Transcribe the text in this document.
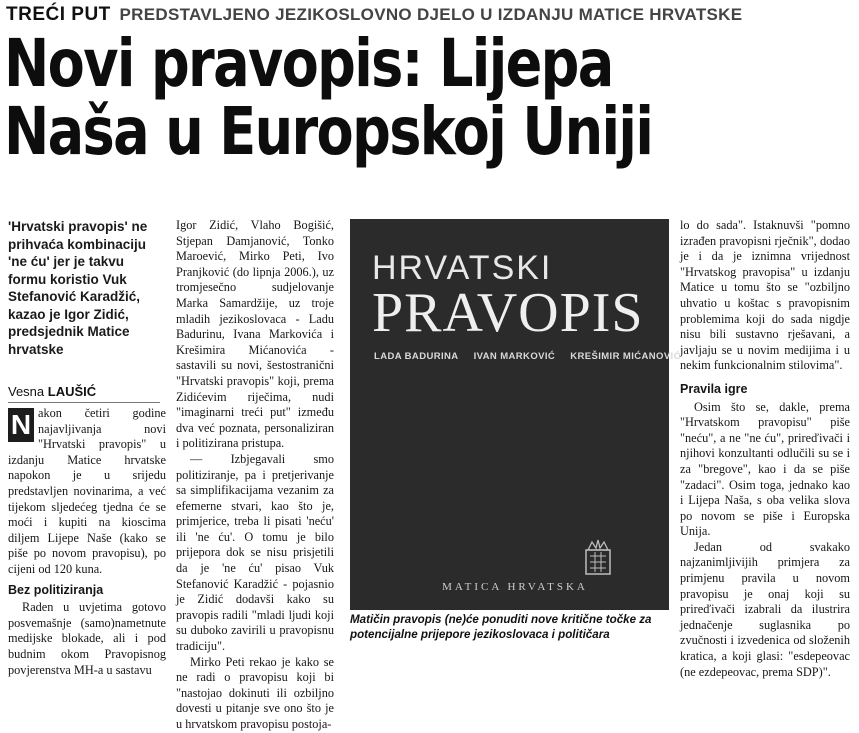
TREĆI PUT PREDSTAVLJENO JEZIKOSLOVNO DJELO U IZDANJU MATICE HRVATSKE
Novi pravopis: Lijepa
Naša u Europskoj Uniji
'Hrvatski pravopis' ne prihvaća kombinaciju 'ne ću' jer je takvu formu koristio Vuk Stefanović Karadžić, kazao je Igor Zidić, predsjednik Matice hrvatske
Vesna LAUŠIĆ

N akon četiri godine najavljivanja novi "Hrvatski pravopis" u izdanju Matice hrvatske napokon je u srijedu predstavljen novinarima, a već tijekom sljedećeg tjedna će se moći i kupiti na kioscima diljem Lijepe Naše (kako se piše po novom pravopisu), po cijeni od 120 kuna.

Bez politiziranja

Raden u uvjetima gotovo posvemašnje (samo)nametnute medijske blokade, ali i pod budnim okom Pravopisnog povjerenstva MH-a u sastavu

Igor Zidić, Vlaho Bogišić, Stjepan Damjanović, Tonko Maroević, Mirko Peti, Ivo Pranjković (do lipnja 2006.), uz tromjesečno sudjelovanje Marka Samardžije, uz troje mladih jezikoslovaca - Ladu Badurinu, Ivana Markovića i Krešimira Mićanovića - sastavili su novi, šestostranični "Hrvatski pravopis" koji, prema Zidićevim riječima, nudi "imaginarni treći put" između dva već poznata, personaliziran i politizirana pristupa.

— Izbjegavali smo politiziranje, pa i pretjerivanje sa simplifikacijama vezanim za efemerne stvari, kao što je, primjerice, treba li pisati 'neću' ili 'ne ću'. O tomu je bilo prijepora dok se nisu prisjetili da je 'ne ću' pisao Vuk Stefanović Karadžić - pojasnio je Zidić dodavši kako su pravopis radili "mladi ljudi koji su duboko zavirili u pravopisnu tradiciju".

Mirko Peti rekao je kako se ne radi o pravopisu koji bi "nastojao dokinuti ili ozbiljno dovesti u pitanje sve ono što je u hrvatskom pravopisu postoja-

HRVATSKI
PRAVOPIS
LADA BADURINA IVAN MARKOVIĆ KREŠIMIR MIĆANOVIĆ
MATICA HRVATSKA
Matičin pravopis (ne)će ponuditi nove kritične točke za potencijalne prijepore jezikoslovaca i političara

lo do sada". Istaknuvši "pomno izrađen pravopisni rječnik", dodao je i da je iznimna vrijednost "Hrvatskog pravopisa" u izdanju Matice u tomu što se "ozbiljno uhvatio u koštac s pravopisnim problemima koji do sada nigdje nisu bili sustavno rješavani, a javljaju se u novim medijima i u nekim funkcionalnim stilovima".

Pravila igre

Osim što se, dakle, prema "Hrvatskom pravopisu" piše "neću", a ne "ne ću", prireďivači i njihovi konzultanti odlučili su se i za "bregove", kao i da se piše "zadaci". Osim toga, jednako kao i Lijepa Naša, s oba velika slova po novom se piše i Europska Unija.

Jedan od svakako najzanimljivijih primjera za primjenu pravila u novom pravopisu je onaj koji su prireďivači izabrali da ilustrira jednačenje suglasnika po zvučnosti i izvedenica od složenih kratica, a koji glasi: "esdepeovac (ne ezdepeovac, prema SDP)".
